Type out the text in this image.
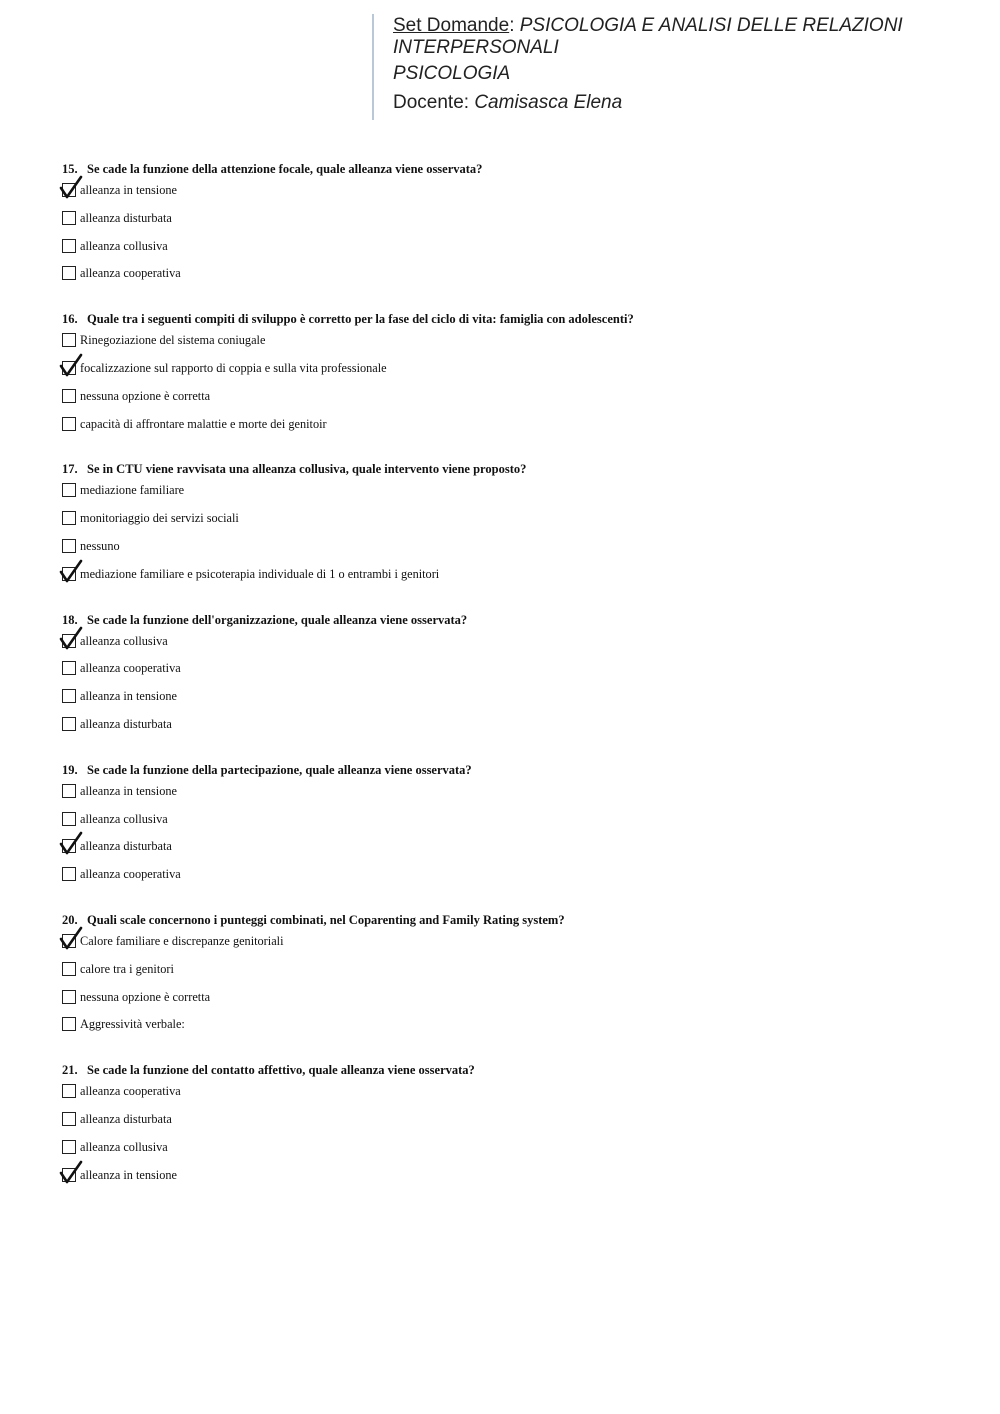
Set Domande: PSICOLOGIA E ANALISI DELLE RELAZIONI INTERPERSONALI
PSICOLOGIA
Docente: Camisasca Elena
15. Se cade la funzione della attenzione focale, quale alleanza viene osservata?
alleanza in tensione
alleanza disturbata
alleanza collusiva
alleanza cooperativa
16. Quale tra i seguenti compiti di sviluppo è corretto per la fase del ciclo di vita: famiglia con adolescenti?
Rinegoziazione del sistema coniugale
focalizzazione sul rapporto di coppia e sulla vita professionale
nessuna opzione è corretta
capacità di affrontare malattie e morte dei genitoir
17. Se in CTU viene ravvisata una alleanza collusiva, quale intervento viene proposto?
mediazione familiare
monitoriaggio dei servizi sociali
nessuno
mediazione familiare e psicoterapia individuale di 1 o entrambi i genitori
18. Se cade la funzione dell'organizzazione, quale alleanza viene osservata?
alleanza collusiva
alleanza cooperativa
alleanza in tensione
alleanza disturbata
19. Se cade la funzione della partecipazione, quale alleanza viene osservata?
alleanza in tensione
alleanza collusiva
alleanza disturbata
alleanza cooperativa
20. Quali scale concernono i punteggi combinati, nel Coparenting and Family Rating system?
Calore familiare e discrepanze genitoriali
calore tra i genitori
nessuna opzione è corretta
Aggressività verbale:
21. Se cade la funzione del contatto affettivo, quale alleanza viene osservata?
alleanza cooperativa
alleanza disturbata
alleanza collusiva
alleanza in tensione
